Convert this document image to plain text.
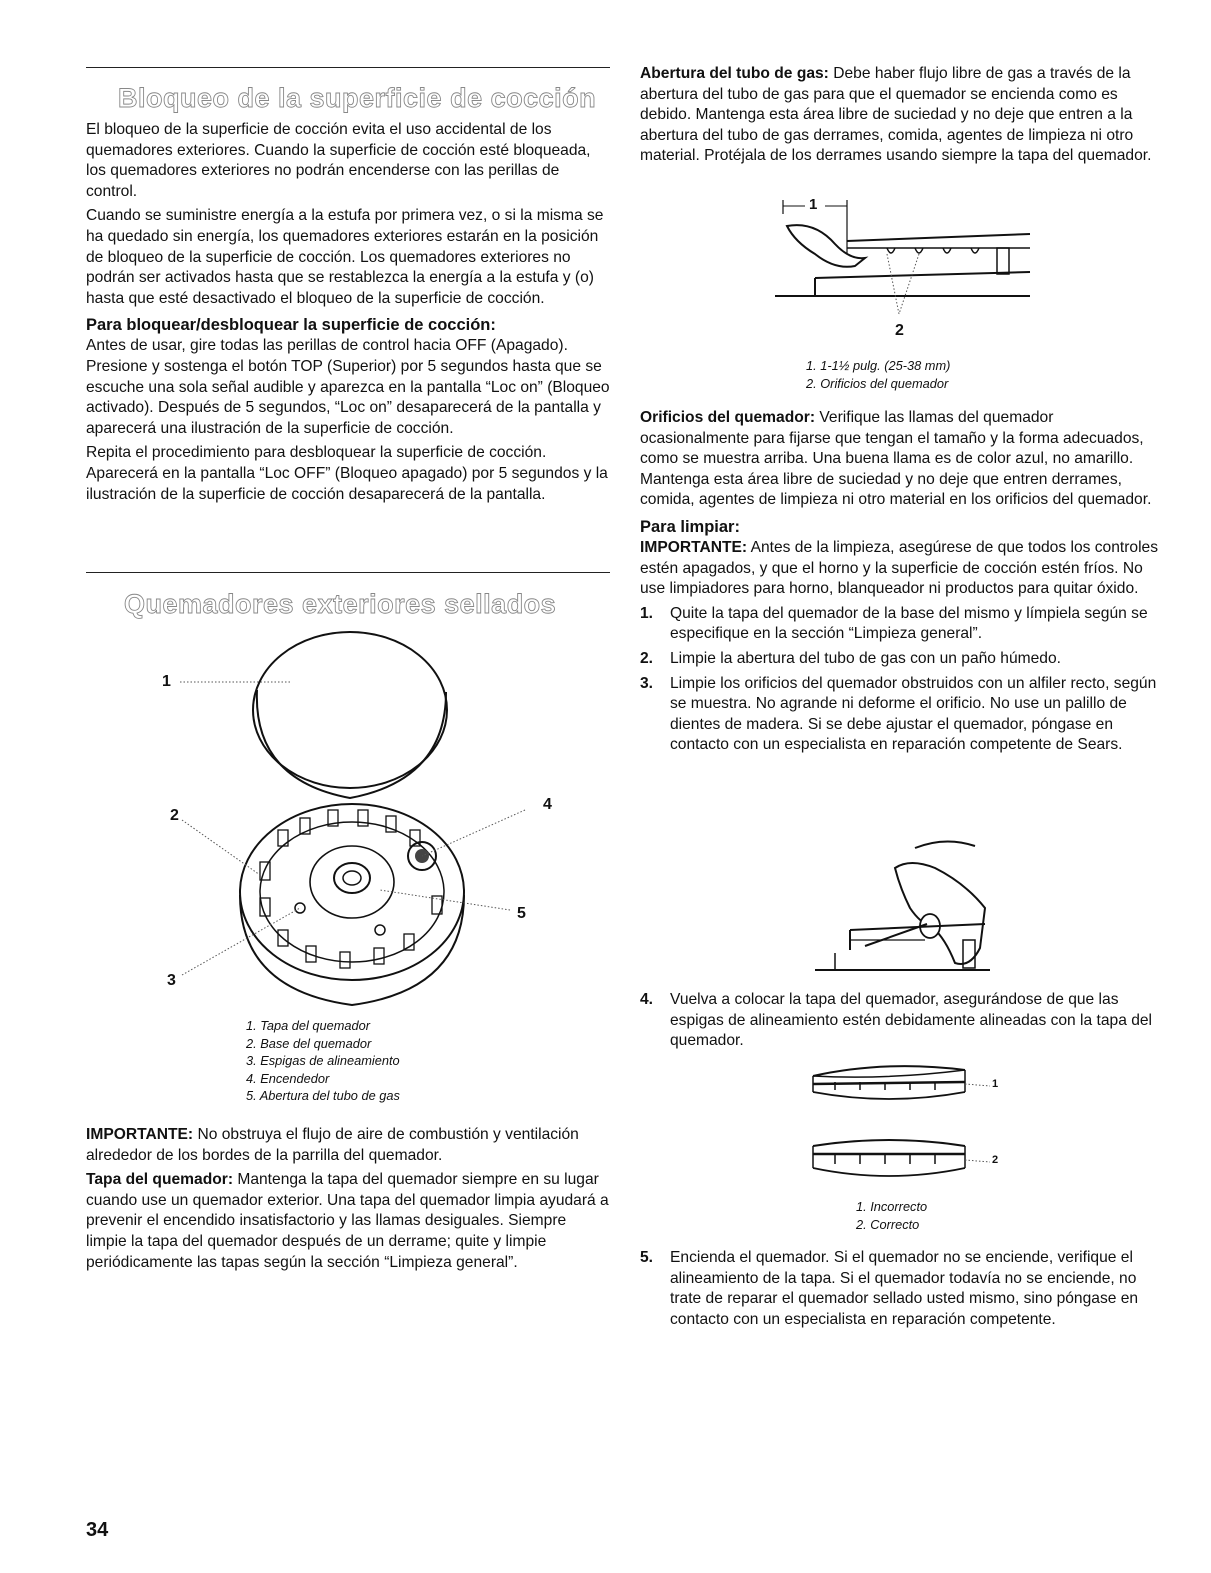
Bloqueo de la superficie de cocción

El bloqueo de la superficie de cocción evita el uso accidental de los quemadores exteriores. Cuando la superficie de cocción esté bloqueada, los quemadores exteriores no podrán encenderse con las perillas de control.

Cuando se suministre energía a la estufa por primera vez, o si la misma se ha quedado sin energía, los quemadores exteriores estarán en la posición de bloqueo de la superficie de cocción. Los quemadores exteriores no podrán ser activados hasta que se restablezca la energía a la estufa y (o) hasta que esté desactivado el bloqueo de la superficie de cocción.

Para bloquear/desbloquear la superficie de cocción:

Antes de usar, gire todas las perillas de control hacia OFF (Apagado). Presione y sostenga el botón TOP (Superior) por 5 segundos hasta que se escuche una sola señal audible y aparezca en la pantalla “Loc on” (Bloqueo activado). Después de 5 segundos, “Loc on” desaparecerá de la pantalla y aparecerá una ilustración de la superficie de cocción.

Repita el procedimiento para desbloquear la superficie de cocción. Aparecerá en la pantalla “Loc OFF” (Bloqueo apagado) por 5 segundos y la ilustración de la superficie de cocción desaparecerá de la pantalla.

Quemadores exteriores sellados
1
2
4
5
3
1. Tapa del quemador
2. Base del quemador
3. Espigas de alineamiento
4. Encendedor
5. Abertura del tubo de gas

IMPORTANTE: No obstruya el flujo de aire de combustión y ventilación alrededor de los bordes de la parrilla del quemador.

Tapa del quemador: Mantenga la tapa del quemador siempre en su lugar cuando use un quemador exterior. Una tapa del quemador limpia ayudará a prevenir el encendido insatisfactorio y las llamas desiguales. Siempre limpie la tapa del quemador después de un derrame; quite y limpie periódicamente las tapas según la sección “Limpieza general”.

34

Abertura del tubo de gas: Debe haber flujo libre de gas a través de la abertura del tubo de gas para que el quemador se encienda como es debido. Mantenga esta área libre de suciedad y no deje que entren a la abertura del tubo de gas derrames, comida, agentes de limpieza ni otro material. Protéjala de los derrames usando siempre la tapa del quemador.

1
2
1. 1-1½ pulg. (25-38 mm)
2. Orificios del quemador

Orificios del quemador: Verifique las llamas del quemador ocasionalmente para fijarse que tengan el tamaño y la forma adecuados, como se muestra arriba. Una buena llama es de color azul, no amarillo. Mantenga esta área libre de suciedad y no deje que entren derrames, comida, agentes de limpieza ni otro material en los orificios del quemador.

Para limpiar:

IMPORTANTE: Antes de la limpieza, asegúrese de que todos los controles estén apagados, y que el horno y la superficie de cocción estén fríos. No use limpiadores para horno, blanqueador ni productos para quitar óxido.

1. Quite la tapa del quemador de la base del mismo y límpiela según se especifique en la sección “Limpieza general”.
2. Limpie la abertura del tubo de gas con un paño húmedo.
3. Limpie los orificios del quemador obstruidos con un alfiler recto, según se muestra. No agrande ni deforme el orificio. No use un palillo de dientes de madera. Si se debe ajustar el quemador, póngase en contacto con un especialista en reparación competente de Sears.
4. Vuelva a colocar la tapa del quemador, asegurándose de que las espigas de alineamiento estén debidamente alineadas con la tapa del quemador.
1
2
1. Incorrecto
2. Correcto
5. Encienda el quemador. Si el quemador no se enciende, verifique el alineamiento de la tapa. Si el quemador todavía no se enciende, no trate de reparar el quemador sellado usted mismo, sino póngase en contacto con un especialista en reparación competente.
